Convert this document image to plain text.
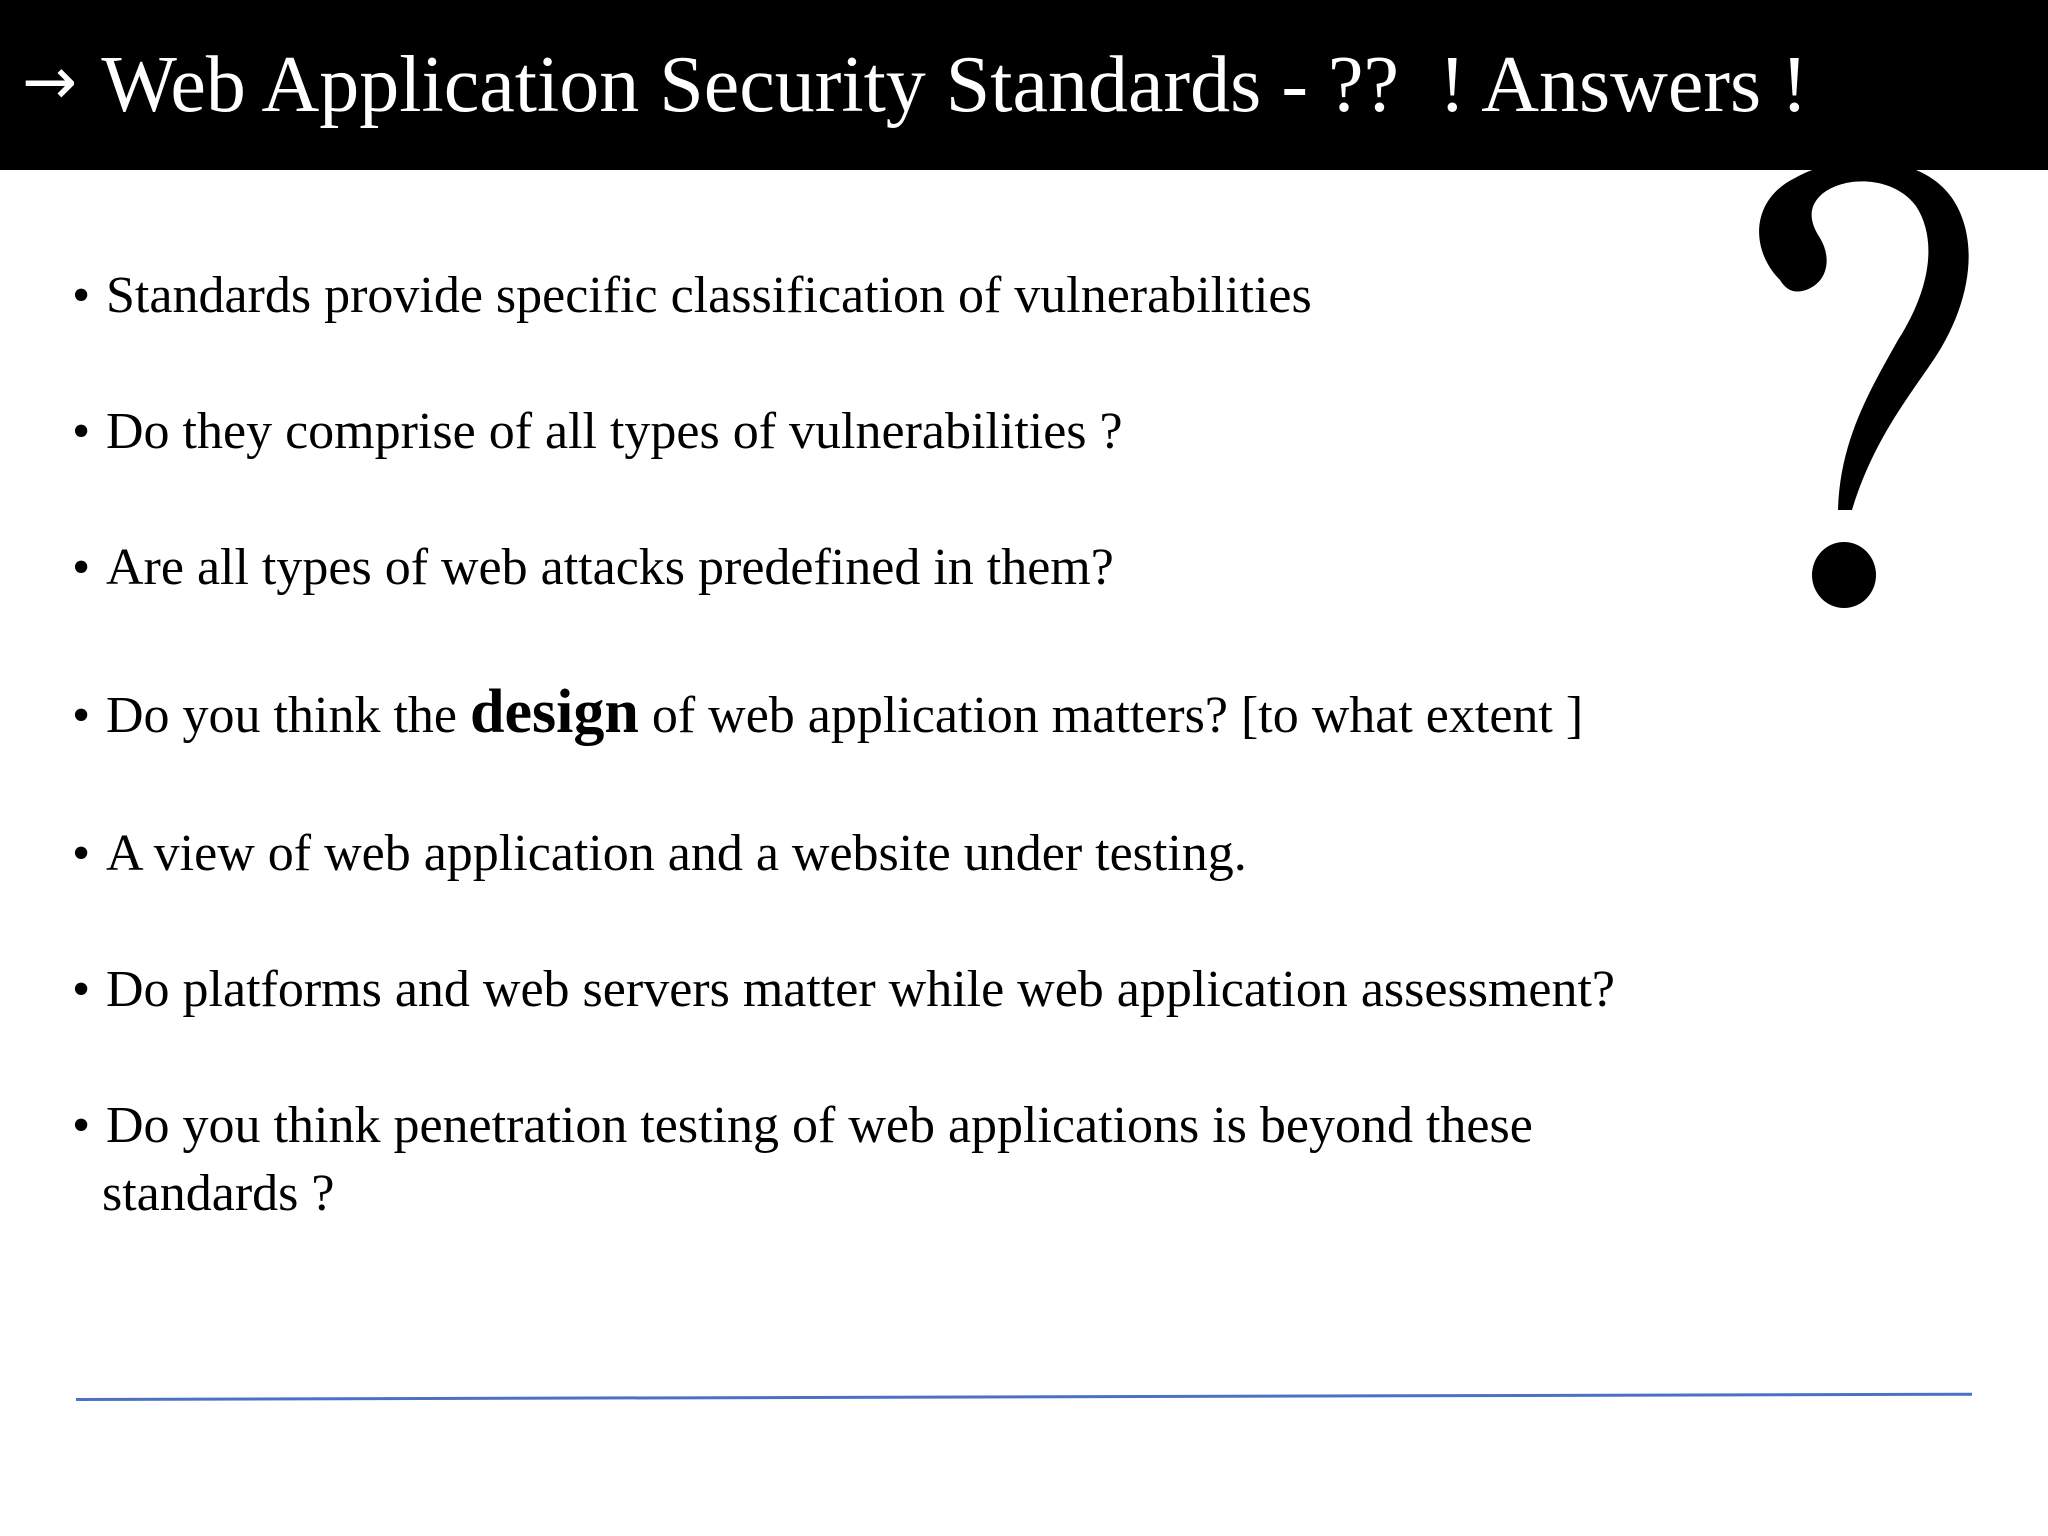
→ Web Application Security Standards - ??  ! Answers !
• Standards provide specific classification of vulnerabilities
• Do they comprise of all types of vulnerabilities ?
• Are all types of web attacks predefined in them?
• Do you think the design of web application matters? [to what extent ]
• A view of web application and a website under testing.
• Do platforms and web servers matter while web application assessment?
• Do you think penetration testing of web applications is beyond these
standards ?
